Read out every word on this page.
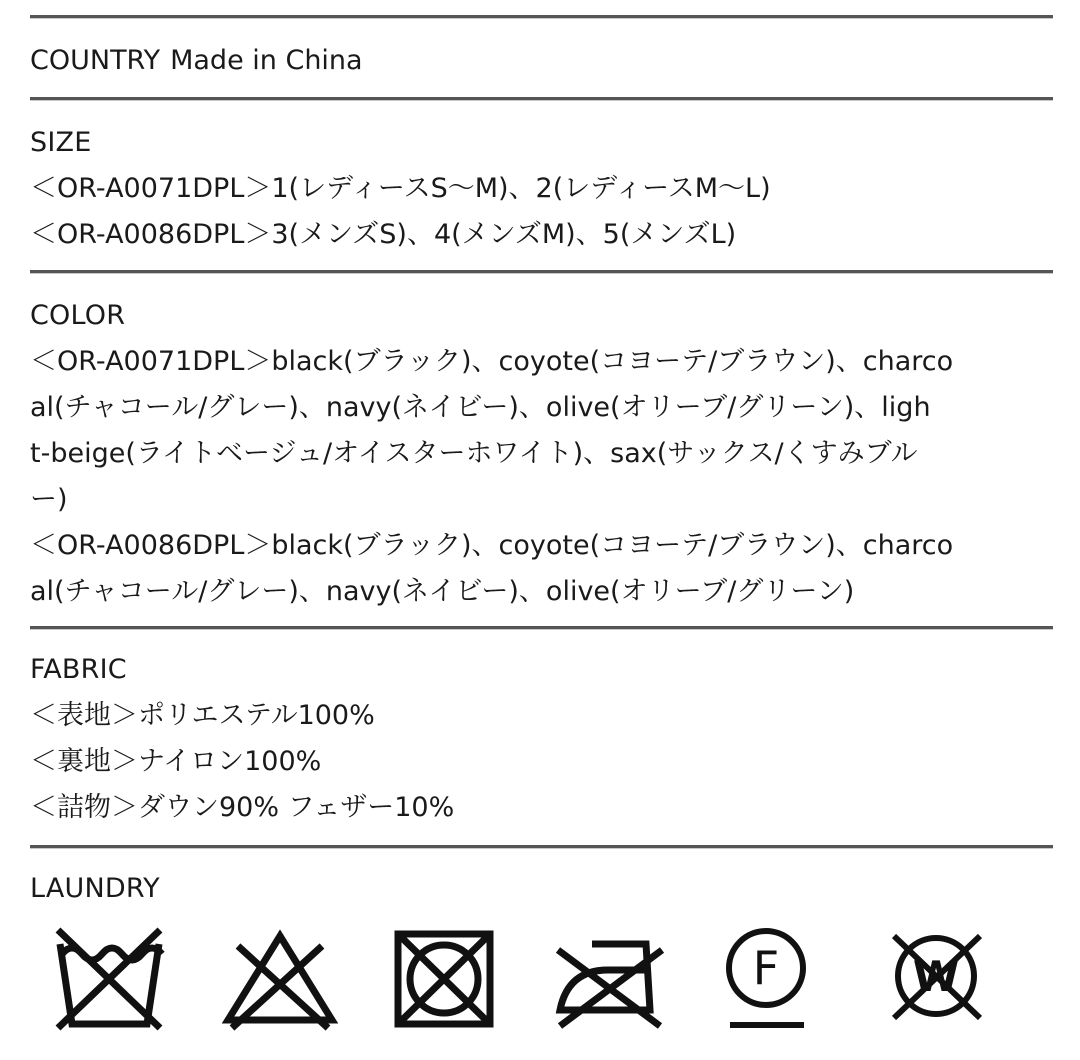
COUNTRY Made in China
SIZE
＜OR-A0071DPL＞1(レディースS〜M)、2(レディースM〜L)
＜OR-A0086DPL＞3(メンズS)、4(メンズM)、5(メンズL)
COLOR
＜OR-A0071DPL＞black(ブラック)、coyote(コヨーテ/ブラウン)、charco
al(チャコール/グレー)、navy(ネイビー)、olive(オリーブ/グリーン)、ligh
t-beige(ライトベージュ/オイスターホワイト)、sax(サックス/くすみブル
ー)
＜OR-A0086DPL＞black(ブラック)、coyote(コヨーテ/ブラウン)、charco
al(チャコール/グレー)、navy(ネイビー)、olive(オリーブ/グリーン)
FABRIC
＜表地＞ポリエステル100%
＜裏地＞ナイロン100%
＜詰物＞ダウン90% フェザー10%
LAUNDRY
F	W
